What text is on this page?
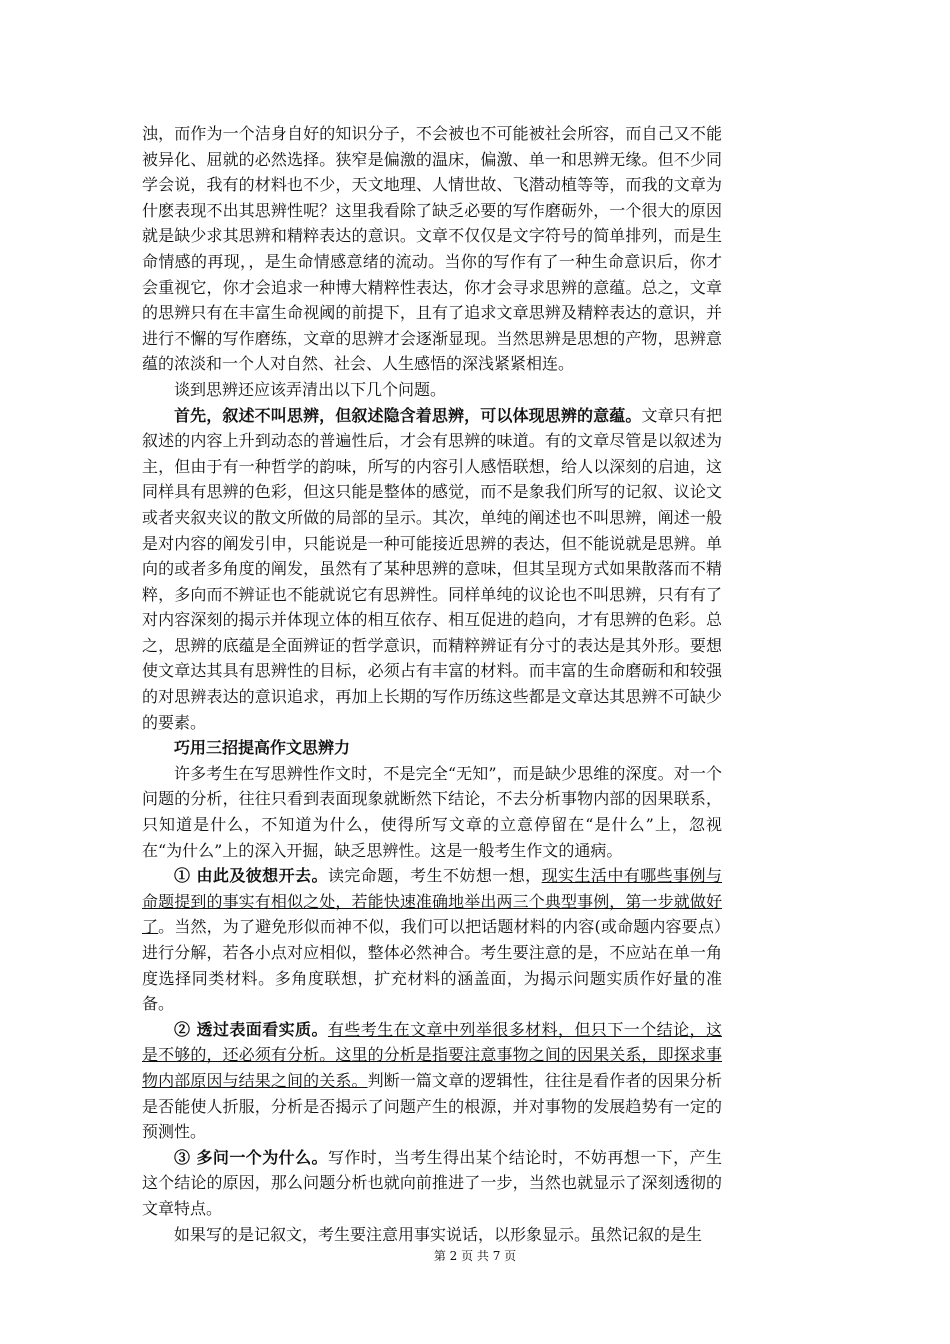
浊，而作为一个洁身自好的知识分子，不会被也不可能被社会所容，而自己又不能被异化、屈就的必然选择。狭窄是偏激的温床，偏激、单一和思辨无缘。但不少同学会说，我有的材料也不少，天文地理、人情世故、飞潜动植等等，而我的文章为什麽表现不出其思辨性呢？这里我看除了缺乏必要的写作磨砺外，一个很大的原因就是缺少求其思辨和精粹表达的意识。文章不仅仅是文字符号的简单排列，而是生命情感的再现，，是生命情感意绪的流动。当你的写作有了一种生命意识后，你才会重视它，你才会追求一种博大精粹性表达，你才会寻求思辨的意蕴。总之，文章的思辨只有在丰富生命视阈的前提下，且有了追求文章思辨及精粹表达的意识，并进行不懈的写作磨练，文章的思辨才会逐渐显现。当然思辨是思想的产物，思辨意蕴的浓淡和一个人对自然、社会、人生感悟的深浅紧紧相连。

谈到思辨还应该弄清出以下几个问题。

首先，叙述不叫思辨，但叙述隐含着思辨，可以体现思辨的意蕴。文章只有把叙述的内容上升到动态的普遍性后，才会有思辨的味道。有的文章尽管是以叙述为主，但由于有一种哲学的韵味，所写的内容引人感悟联想，给人以深刻的启迪，这同样具有思辨的色彩，但这只能是整体的感觉，而不是象我们所写的记叙、议论文或者夹叙夹议的散文所做的局部的呈示。其次，单纯的阐述也不叫思辨，阐述一般是对内容的阐发引申，只能说是一种可能接近思辨的表达，但不能说就是思辨。单向的或者多角度的阐发，虽然有了某种思辨的意味，但其呈现方式如果散落而不精粹，多向而不辨证也不能就说它有思辨性。同样单纯的议论也不叫思辨，只有有了对内容深刻的揭示并体现立体的相互依存、相互促进的趋向，才有思辨的色彩。总之，思辨的底蕴是全面辨证的哲学意识，而精粹辨证有分寸的表达是其外形。要想使文章达其具有思辨性的目标，必须占有丰富的材料。而丰富的生命磨砺和和较强的对思辨表达的意识追求，再加上长期的写作历练这些都是文章达其思辨不可缺少的要素。

巧用三招提高作文思辨力

许多考生在写思辨性作文时，不是完全“无知”，而是缺少思维的深度。对一个问题的分析，往往只看到表面现象就断然下结论，不去分析事物内部的因果联系，只知道是什么，不知道为什么，使得所写文章的立意停留在“是什么”上，忽视在“为什么”上的深入开掘，缺乏思辨性。这是一般考生作文的通病。

① 由此及彼想开去。读完命题，考生不妨想一想，现实生活中有哪些事例与命题提到的事实有相似之处，若能快速准确地举出两三个典型事例，第一步就做好了。当然，为了避免形似而神不似，我们可以把话题材料的内容(或命题内容要点）进行分解，若各小点对应相似，整体必然神合。考生要注意的是，不应站在单一角度选择同类材料。多角度联想，扩充材料的涵盖面，为揭示问题实质作好量的准备。

② 透过表面看实质。有些考生在文章中列举很多材料，但只下一个结论，这是不够的，还必须有分析。这里的分析是指要注意事物之间的因果关系，即探求事物内部原因与结果之间的关系。判断一篇文章的逻辑性，往往是看作者的因果分析是否能使人折服，分析是否揭示了问题产生的根源，并对事物的发展趋势有一定的预测性。

③ 多问一个为什么。写作时，当考生得出某个结论时，不妨再想一下，产生这个结论的原因，那么问题分析也就向前推进了一步，当然也就显示了深刻透彻的文章特点。

如果写的是记叙文，考生要注意用事实说话，以形象显示。虽然记叙的是生

第 2 页 共 7 页
